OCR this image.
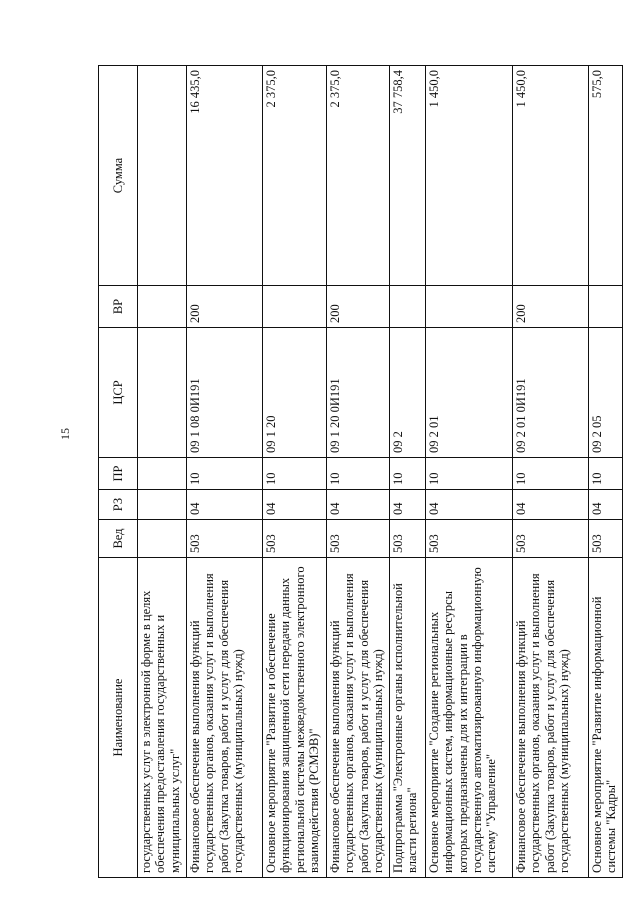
15
Наименование	Вед	РЗ	ПР	ЦСР	ВР	Сумма
государственных услуг в электронной форме в целях обеспечения предоставления государственных и муниципальных услуг"						
Финансовое обеспечение выполнения функций государственных органов, оказания услуг и выполнения работ (Закупка товаров, работ и услуг для обеспечения государственных (муниципальных) нужд)	503	04	10	09 1 08 0И191	200	16 435,0
Основное мероприятие "Развитие и обеспечение функционирования защищенной сети передачи данных региональной системы межведомственного электронного взаимодействия (РСМЭВ)"	503	04	10	09 1 20		2 375,0
Финансовое обеспечение выполнения функций государственных органов, оказания услуг и выполнения работ (Закупка товаров, работ и услуг для обеспечения государственных (муниципальных) нужд)	503	04	10	09 1 20 0И191	200	2 375,0
Подпрограмма "Электронные органы исполнительной власти региона"	503	04	10	09 2		37 758,4
Основное мероприятие "Создание региональных информационных систем, информационные ресурсы которых предназначены для их интеграции в государственную автоматизированную информационную систему "Управление"	503	04	10	09 2 01		1 450,0
Финансовое обеспечение выполнения функций государственных органов, оказания услуг и выполнения работ (Закупка товаров, работ и услуг для обеспечения государственных (муниципальных) нужд)	503	04	10	09 2 01 0И191	200	1 450,0
Основное мероприятие "Развитие информационной системы "Кадры"	503	04	10	09 2 05		575,0
